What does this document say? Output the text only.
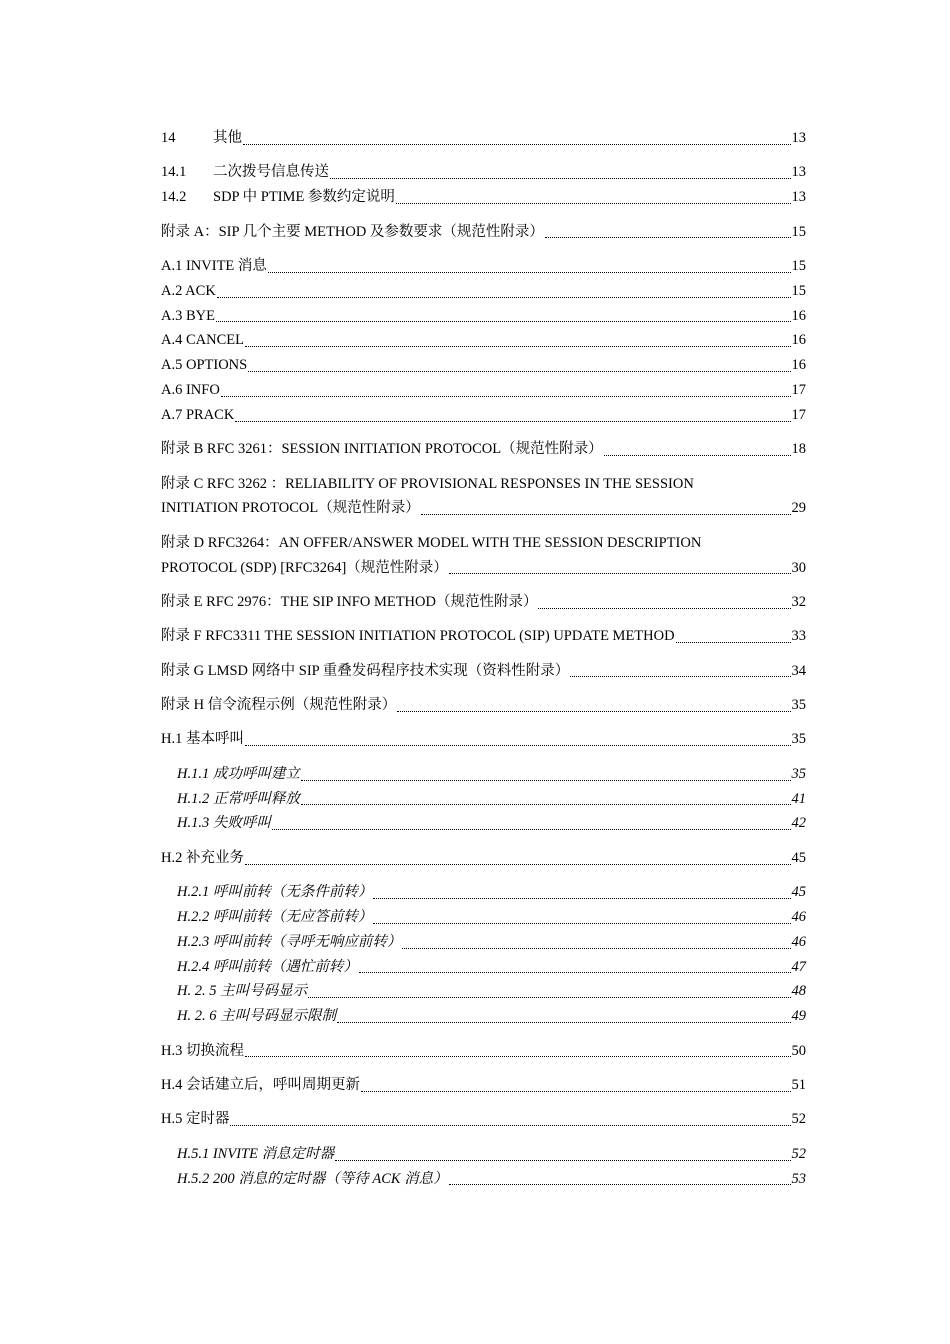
14	其他	13
14.1	二次拨号信息传送	13
14.2	SDP 中 PTIME 参数约定说明	13
附录 A：SIP 几个主要 METHOD 及参数要求（规范性附录）	15
A.1 INVITE 消息	15
A.2 ACK	15
A.3 BYE	16
A.4 CANCEL	16
A.5 OPTIONS	16
A.6 INFO	17
A.7 PRACK	17
附录 B RFC 3261：SESSION INITIATION PROTOCOL（规范性附录）	18
附录 C RFC 3262 ：RELIABILITY OF PROVISIONAL RESPONSES IN THE SESSION
INITIATION PROTOCOL（规范性附录）	29
附录 D RFC3264：AN OFFER/ANSWER MODEL WITH THE SESSION DESCRIPTION
PROTOCOL (SDP) [RFC3264]（规范性附录）	30
附录 E RFC 2976：THE SIP INFO METHOD（规范性附录）	32
附录 F RFC3311 THE SESSION INITIATION PROTOCOL (SIP) UPDATE METHOD	33
附录 G LMSD 网络中 SIP 重叠发码程序技术实现（资料性附录）	34
附录 H 信令流程示例（规范性附录）	35
H.1 基本呼叫	35
H.1.1 成功呼叫建立	35
H.1.2 正常呼叫释放	41
H.1.3 失败呼叫	42
H.2 补充业务	45
H.2.1 呼叫前转（无条件前转）	45
H.2.2 呼叫前转（无应答前转）	46
H.2.3 呼叫前转（寻呼无响应前转）	46
H.2.4 呼叫前转（遇忙前转）	47
H. 2. 5 主叫号码显示	48
H. 2. 6 主叫号码显示限制	49
H.3 切换流程	50
H.4 会话建立后，呼叫周期更新	51
H.5 定时器	52
H.5.1 INVITE 消息定时器	52
H.5.2 200 消息的定时器（等待 ACK 消息）	53
